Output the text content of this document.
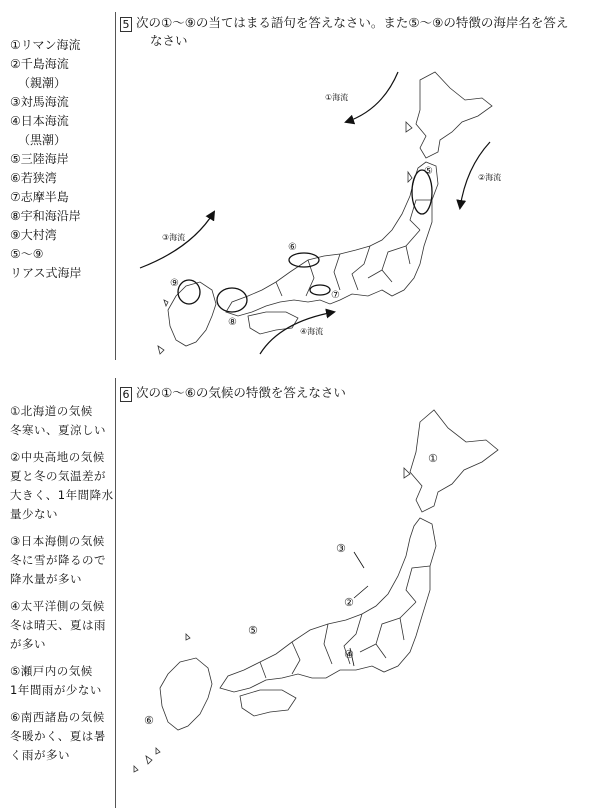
①リマン海流
②千島海流
（親潮）
③対馬海流
④日本海流
（黒潮）
⑤三陸海岸
⑥若狭湾
⑦志摩半島
⑧宇和海沿岸
⑨大村湾
⑤～⑨
リアス式海岸
5 次の①～⑨の当てはまる語句を答えなさい。また⑤～⑨の特徴の海岸名を答え
なさい
①海流
②海流
③海流
④海流
⑤
⑥
⑦
⑧
⑨
①北海道の気候
冬寒い、夏涼しい
②中央高地の気候
夏と冬の気温差が大きく、1年間降水量少ない
③日本海側の気候
冬に雪が降るので降水量が多い
④太平洋側の気候
冬は晴天、夏は雨が多い
⑤瀬戸内の気候
1年間雨が少ない
⑥南西諸島の気候
冬暖かく、夏は暑く雨が多い
6 次の①～⑥の気候の特徴を答えなさい
①
②
③
④
⑤
⑥
